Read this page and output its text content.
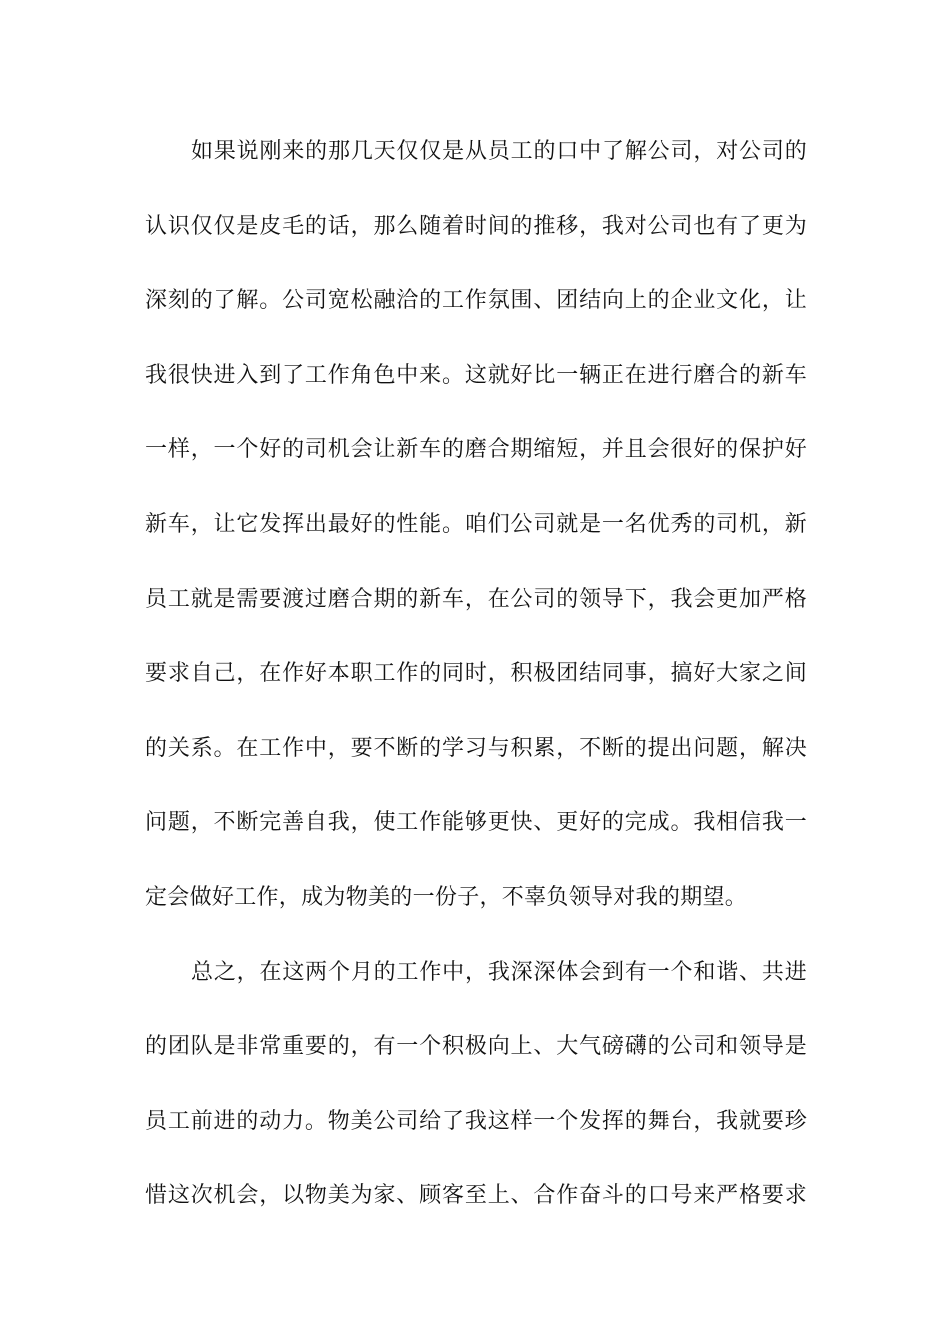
如果说刚来的那几天仅仅是从员工的口中了解公司，对公司的
认识仅仅是皮毛的话，那么随着时间的推移，我对公司也有了更为
深刻的了解。公司宽松融洽的工作氛围、团结向上的企业文化，让
我很快进入到了工作角色中来。这就好比一辆正在进行磨合的新车
一样，一个好的司机会让新车的磨合期缩短，并且会很好的保护好
新车，让它发挥出最好的性能。咱们公司就是一名优秀的司机，新
员工就是需要渡过磨合期的新车，在公司的领导下，我会更加严格
要求自己，在作好本职工作的同时，积极团结同事，搞好大家之间
的关系。在工作中，要不断的学习与积累，不断的提出问题，解决
问题，不断完善自我，使工作能够更快、更好的完成。我相信我一
定会做好工作，成为物美的一份子，不辜负领导对我的期望。
总之，在这两个月的工作中，我深深体会到有一个和谐、共进
的团队是非常重要的，有一个积极向上、大气磅礴的公司和领导是
员工前进的动力。物美公司给了我这样一个发挥的舞台，我就要珍
惜这次机会，以物美为家、顾客至上、合作奋斗的口号来严格要求
